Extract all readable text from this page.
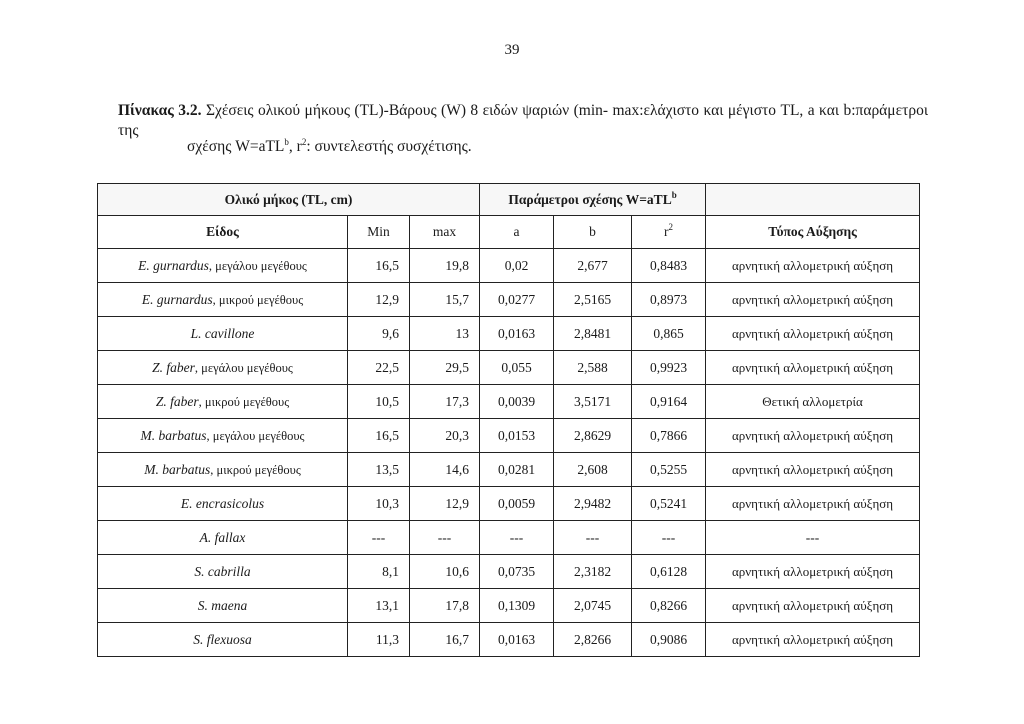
39
Πίνακας 3.2. Σχέσεις ολικού μήκους (TL)-Βάρους (W) 8 ειδών ψαριών (min- max:ελάχιστο και μέγιστο TL, a και b:παράμετροι της
σχέσης W=aTL$^b$, $r^2$: συντελεστής συσχέτισης.
Ολικό μήκος (TL, cm)			Παράμετροι σχέσης W=aTL$^b$	
Είδος	Min	max	a	b	$r^2$	Τύπος Αύξησης
E. gurnardus, μεγάλου μεγέθους	16,5	19,8	0,02	2,677	0,8483	αρνητική αλλομετρική αύξηση
E. gurnardus, μικρού μεγέθους	12,9	15,7	0,0277	2,5165	0,8973	αρνητική αλλομετρική αύξηση
L. cavillone	9,6	13	0,0163	2,8481	0,865	αρνητική αλλομετρική αύξηση
Z. faber, μεγάλου μεγέθους	22,5	29,5	0,055	2,588	0,9923	αρνητική αλλομετρική αύξηση
Z. faber, μικρού μεγέθους	10,5	17,3	0,0039	3,5171	0,9164	Θετική αλλομετρία
M. barbatus, μεγάλου μεγέθους	16,5	20,3	0,0153	2,8629	0,7866	αρνητική αλλομετρική αύξηση
M. barbatus, μικρού μεγέθους	13,5	14,6	0,0281	2,608	0,5255	αρνητική αλλομετρική αύξηση
E. encrasicolus	10,3	12,9	0,0059	2,9482	0,5241	αρνητική αλλομετρική αύξηση
A. fallax	---	---	---	---	---	---
S. cabrilla	8,1	10,6	0,0735	2,3182	0,6128	αρνητική αλλομετρική αύξηση
S. maena	13,1	17,8	0,1309	2,0745	0,8266	αρνητική αλλομετρική αύξηση
S. flexuosa	11,3	16,7	0,0163	2,8266	0,9086	αρνητική αλλομετρική αύξηση
